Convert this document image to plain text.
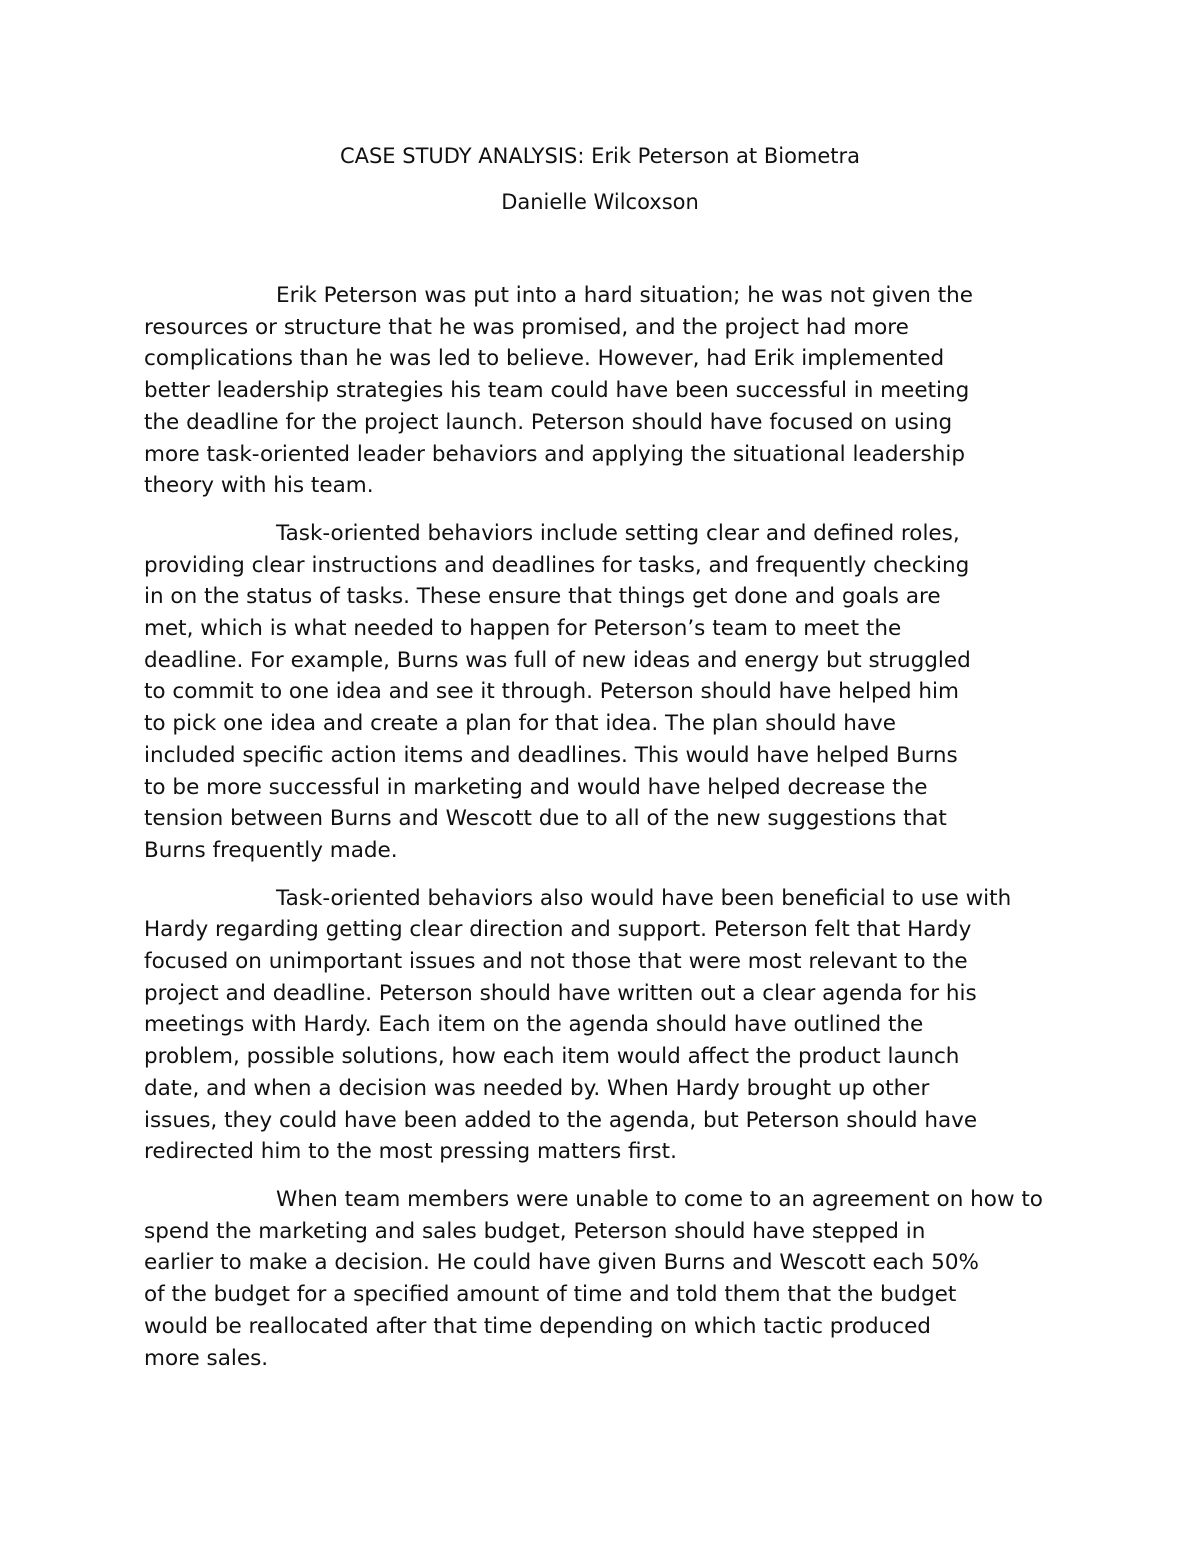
CASE STUDY ANALYSIS: Erik Peterson at Biometra

Danielle Wilcoxson

Erik Peterson was put into a hard situation; he was not given the
resources or structure that he was promised, and the project had more
complications than he was led to believe. However, had Erik implemented
better leadership strategies his team could have been successful in meeting
the deadline for the project launch. Peterson should have focused on using
more task-oriented leader behaviors and applying the situational leadership
theory with his team.
Task-oriented behaviors include setting clear and defined roles,
providing clear instructions and deadlines for tasks, and frequently checking
in on the status of tasks. These ensure that things get done and goals are
met, which is what needed to happen for Peterson’s team to meet the
deadline. For example, Burns was full of new ideas and energy but struggled
to commit to one idea and see it through. Peterson should have helped him
to pick one idea and create a plan for that idea. The plan should have
included specific action items and deadlines. This would have helped Burns
to be more successful in marketing and would have helped decrease the
tension between Burns and Wescott due to all of the new suggestions that
Burns frequently made.
Task-oriented behaviors also would have been beneficial to use with
Hardy regarding getting clear direction and support. Peterson felt that Hardy
focused on unimportant issues and not those that were most relevant to the
project and deadline. Peterson should have written out a clear agenda for his
meetings with Hardy. Each item on the agenda should have outlined the
problem, possible solutions, how each item would affect the product launch
date, and when a decision was needed by. When Hardy brought up other
issues, they could have been added to the agenda, but Peterson should have
redirected him to the most pressing matters first.
When team members were unable to come to an agreement on how to
spend the marketing and sales budget, Peterson should have stepped in
earlier to make a decision. He could have given Burns and Wescott each 50%
of the budget for a specified amount of time and told them that the budget
would be reallocated after that time depending on which tactic produced
more sales.
